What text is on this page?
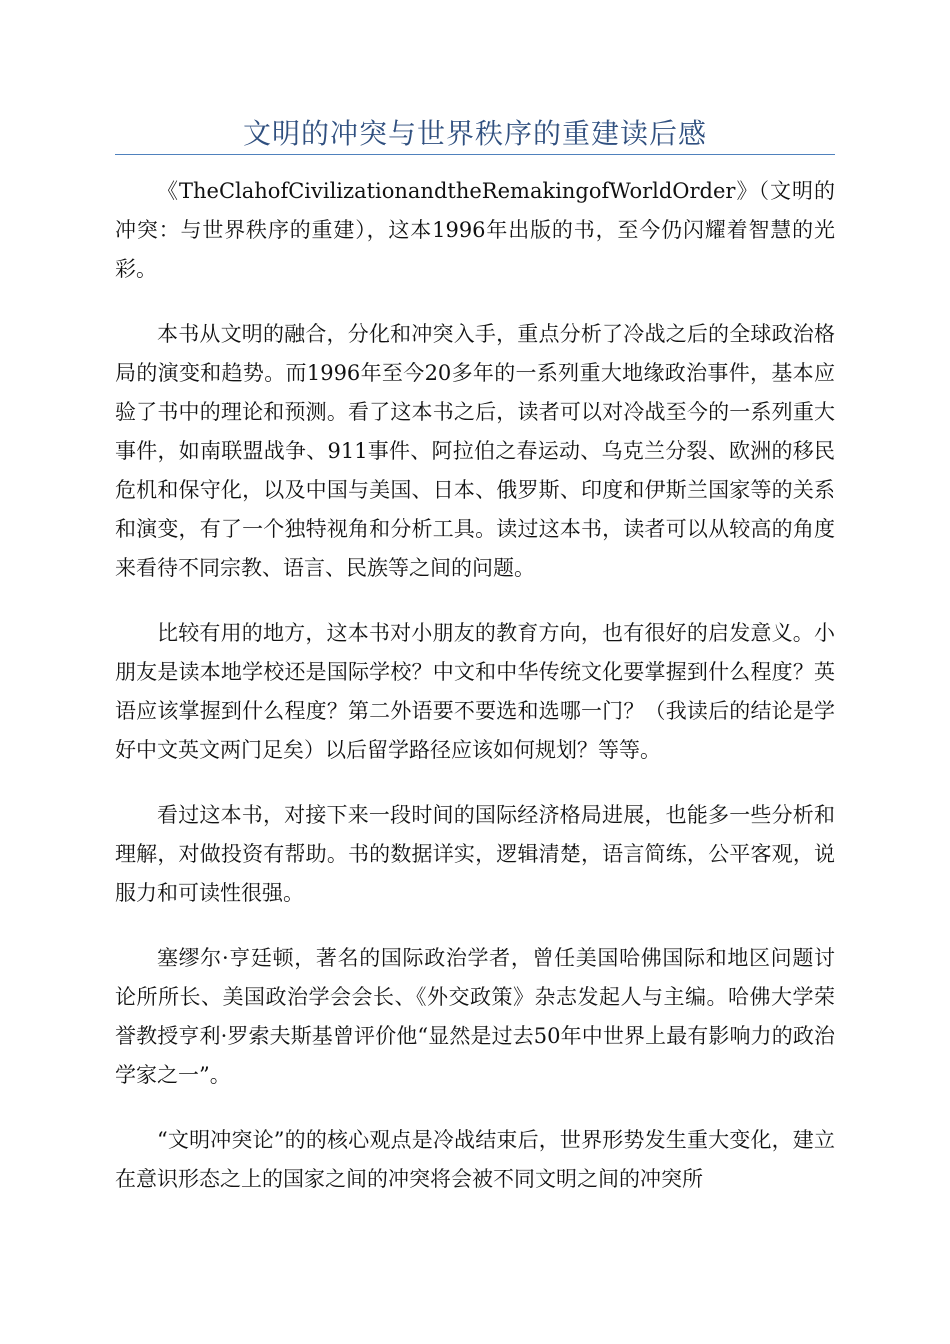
文明的冲突与世界秩序的重建读后感

《TheClahofCivilizationandtheRemakingofWorldOrder》（文明的冲突：与世界秩序的重建），这本1996年出版的书，至今仍闪耀着智慧的光彩。

本书从文明的融合，分化和冲突入手，重点分析了冷战之后的全球政治格局的演变和趋势。而1996年至今20多年的一系列重大地缘政治事件，基本应验了书中的理论和预测。看了这本书之后，读者可以对冷战至今的一系列重大事件，如南联盟战争、911事件、阿拉伯之春运动、乌克兰分裂、欧洲的移民危机和保守化，以及中国与美国、日本、俄罗斯、印度和伊斯兰国家等的关系和演变，有了一个独特视角和分析工具。读过这本书，读者可以从较高的角度来看待不同宗教、语言、民族等之间的问题。

比较有用的地方，这本书对小朋友的教育方向，也有很好的启发意义。小朋友是读本地学校还是国际学校？中文和中华传统文化要掌握到什么程度？英语应该掌握到什么程度？第二外语要不要选和选哪一门？（我读后的结论是学好中文英文两门足矣）以后留学路径应该如何规划？等等。

看过这本书，对接下来一段时间的国际经济格局进展，也能多一些分析和理解，对做投资有帮助。书的数据详实，逻辑清楚，语言简练，公平客观，说服力和可读性很强。

塞缪尔·亨廷顿，著名的国际政治学者，曾任美国哈佛国际和地区问题讨论所所长、美国政治学会会长、《外交政策》杂志发起人与主编。哈佛大学荣誉教授亨利·罗索夫斯基曾评价他“显然是过去50年中世界上最有影响力的政治学家之一”。

“文明冲突论”的的核心观点是冷战结束后，世界形势发生重大变化，建立在意识形态之上的国家之间的冲突将会被不同文明之间的冲突所
